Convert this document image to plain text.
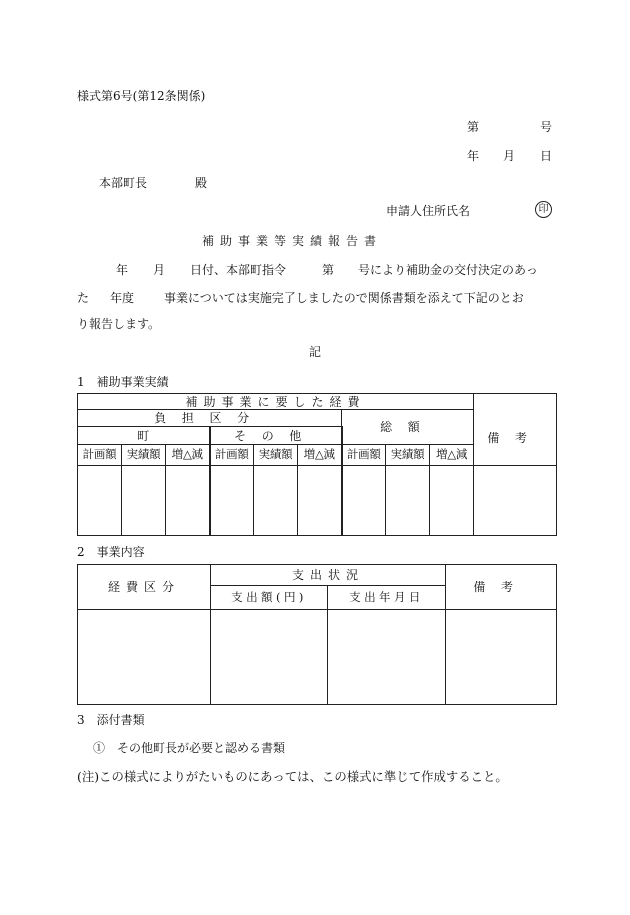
様式第6号(第12条関係)
第	号
年 月 日
本部町長	殿
申請人住所氏名	印
補助事業等実績報告書
年 月 日付、本部町指令	第 号により補助金の交付決定のあっ
た 年度 事業については実施完了しましたので関係書類を添えて下記のとお
り報告します。
記
1　補助事業実績
補助事業に要した経費									備考
負担区分						総額			
町			その他						
計画額	実績額	増△減	計画額	実績額	増△減	計画額	実績額	増△減	

2　事業内容
経費区分	支出状況		備考
	支出額(円)	支出年月日	

3　添付書類
①　その他町長が必要と認める書類
(注)この様式によりがたいものにあっては、この様式に準じて作成すること。
